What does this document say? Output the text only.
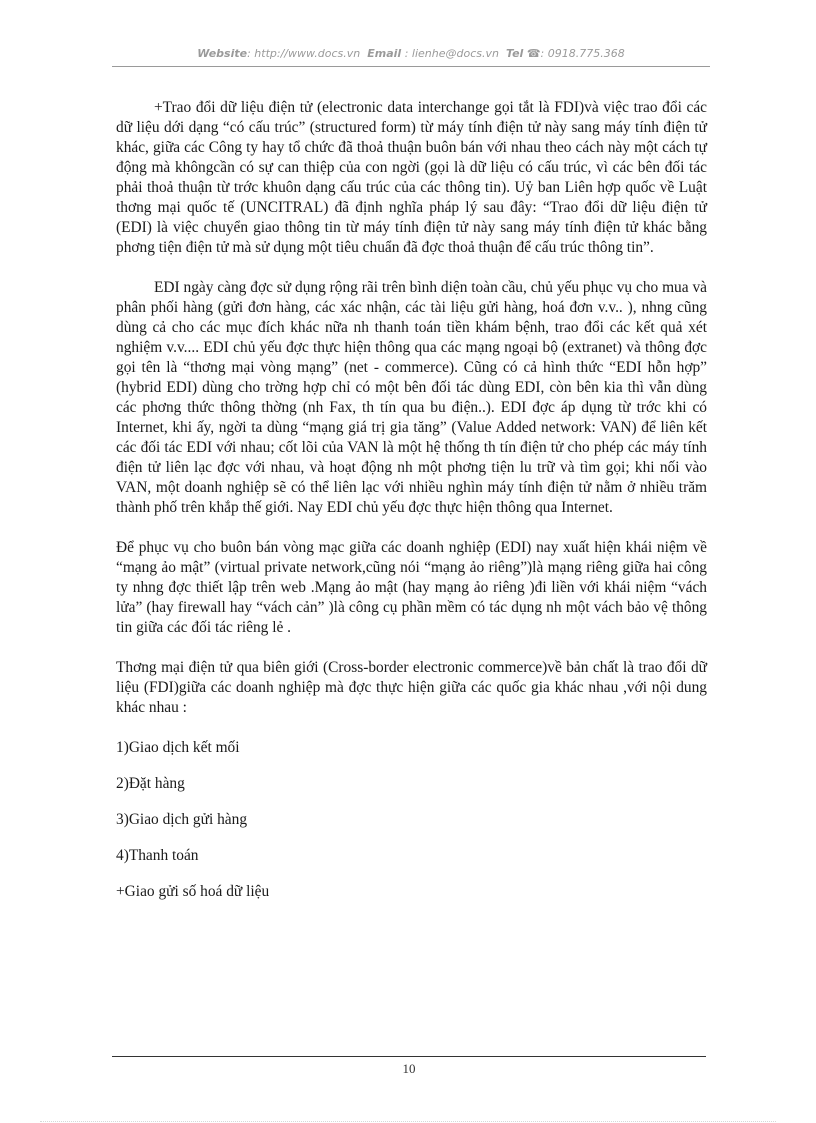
Website: http://www.docs.vn Email : lienhe@docs.vn Tel ☎: 0918.775.368

+Trao đổi dữ liệu điện tử (electronic data interchange gọi tắt là FDI)và việc trao đổi các dữ liệu dới dạng “có cấu trúc” (structured form) từ máy tính điện tử này sang máy tính điện tử khác, giữa các Công ty hay tổ chức đã thoả thuận buôn bán với nhau theo cách này một cách tự động mà khôngcần có sự can thiệp của con ngời (gọi là dữ liệu có cấu trúc, vì các bên đối tác phải thoả thuận từ trớc khuôn dạng cấu trúc của các thông tin). Uỷ ban Liên hợp quốc về Luật thơng mại quốc tế (UNCITRAL) đã định nghĩa pháp lý sau đây: “Trao đổi dữ liệu điện tử (EDI) là việc chuyển giao thông tin từ máy tính điện tử này sang máy tính điện tử khác bằng phơng tiện điện tử mà sử dụng một tiêu chuẩn đã đợc thoả thuận để cấu trúc thông tin”.

EDI ngày càng đợc sử dụng rộng rãi trên bình diện toàn cầu, chủ yếu phục vụ cho mua và phân phối hàng (gửi đơn hàng, các xác nhận, các tài liệu gửi hàng, hoá đơn v.v.. ), nhng cũng dùng cả cho các mục đích khác nữa nh thanh toán tiền khám bệnh, trao đổi các kết quả xét nghiệm v.v.... EDI chủ yếu đợc thực hiện thông qua các mạng ngoại bộ (extranet) và thông đợc gọi tên là “thơng mại vòng mạng” (net - commerce). Cũng có cả hình thức “EDI hỗn hợp” (hybrid EDI) dùng cho trờng hợp chỉ có một bên đối tác dùng EDI, còn bên kia thì vẫn dùng các phơng thức thông thờng (nh Fax, th tín qua bu điện..). EDI đợc áp dụng từ trớc khi có Internet, khi ấy, ngời ta dùng “mạng giá trị gia tăng” (Value Added network: VAN) để liên kết các đối tác EDI với nhau; cốt lõi của VAN là một hệ thống th tín điện tử cho phép các máy tính điện tử liên lạc đợc với nhau, và hoạt động nh một phơng tiện lu trữ và tìm gọi; khi nối vào VAN, một doanh nghiệp sẽ có thể liên lạc với nhiều nghìn máy tính điện tử nằm ở nhiều trăm thành phố trên khắp thế giới. Nay EDI chủ yếu đợc thực hiện thông qua Internet.

Để phục vụ cho buôn bán vòng mạc giữa các doanh nghiệp (EDI) nay xuất hiện khái niệm về “mạng ảo mật” (virtual private network,cũng nói “mạng ảo riêng”)là mạng riêng giữa hai công ty nhng đợc thiết lập trên web .Mạng ảo mật (hay mạng ảo riêng )đi liền với khái niệm “vách lửa” (hay firewall hay “vách cản” )là công cụ phần mềm có tác dụng nh một vách bảo vệ thông tin giữa các đối tác riêng lẻ .

Thơng mại điện tử qua biên giới (Cross-border electronic commerce)về bản chất là trao đổi dữ liệu (FDI)giữa các doanh nghiệp mà đợc thực hiện giữa các quốc gia khác nhau ,với nội dung khác nhau :

1)Giao dịch kết mối
2)Đặt hàng
3)Giao dịch gửi hàng
4)Thanh toán
+Giao gửi số hoá dữ liệu
10
